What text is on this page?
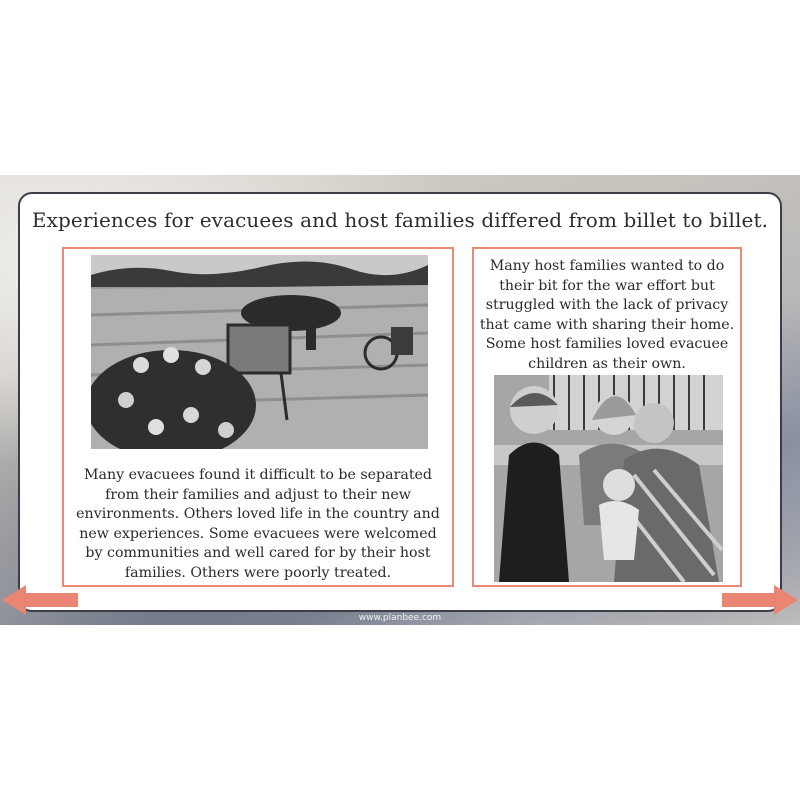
Experiences for evacuees and host families differed from billet to billet.

Many evacuees found it difficult to be separated from their families and adjust to their new environments. Others loved life in the country and new experiences. Some evacuees were welcomed by communities and well cared for by their host families. Others were poorly treated.

Many host families wanted to do their bit for the war effort but struggled with the lack of privacy that came with sharing their home. Some host families loved evacuee children as their own.

www.planbee.com
